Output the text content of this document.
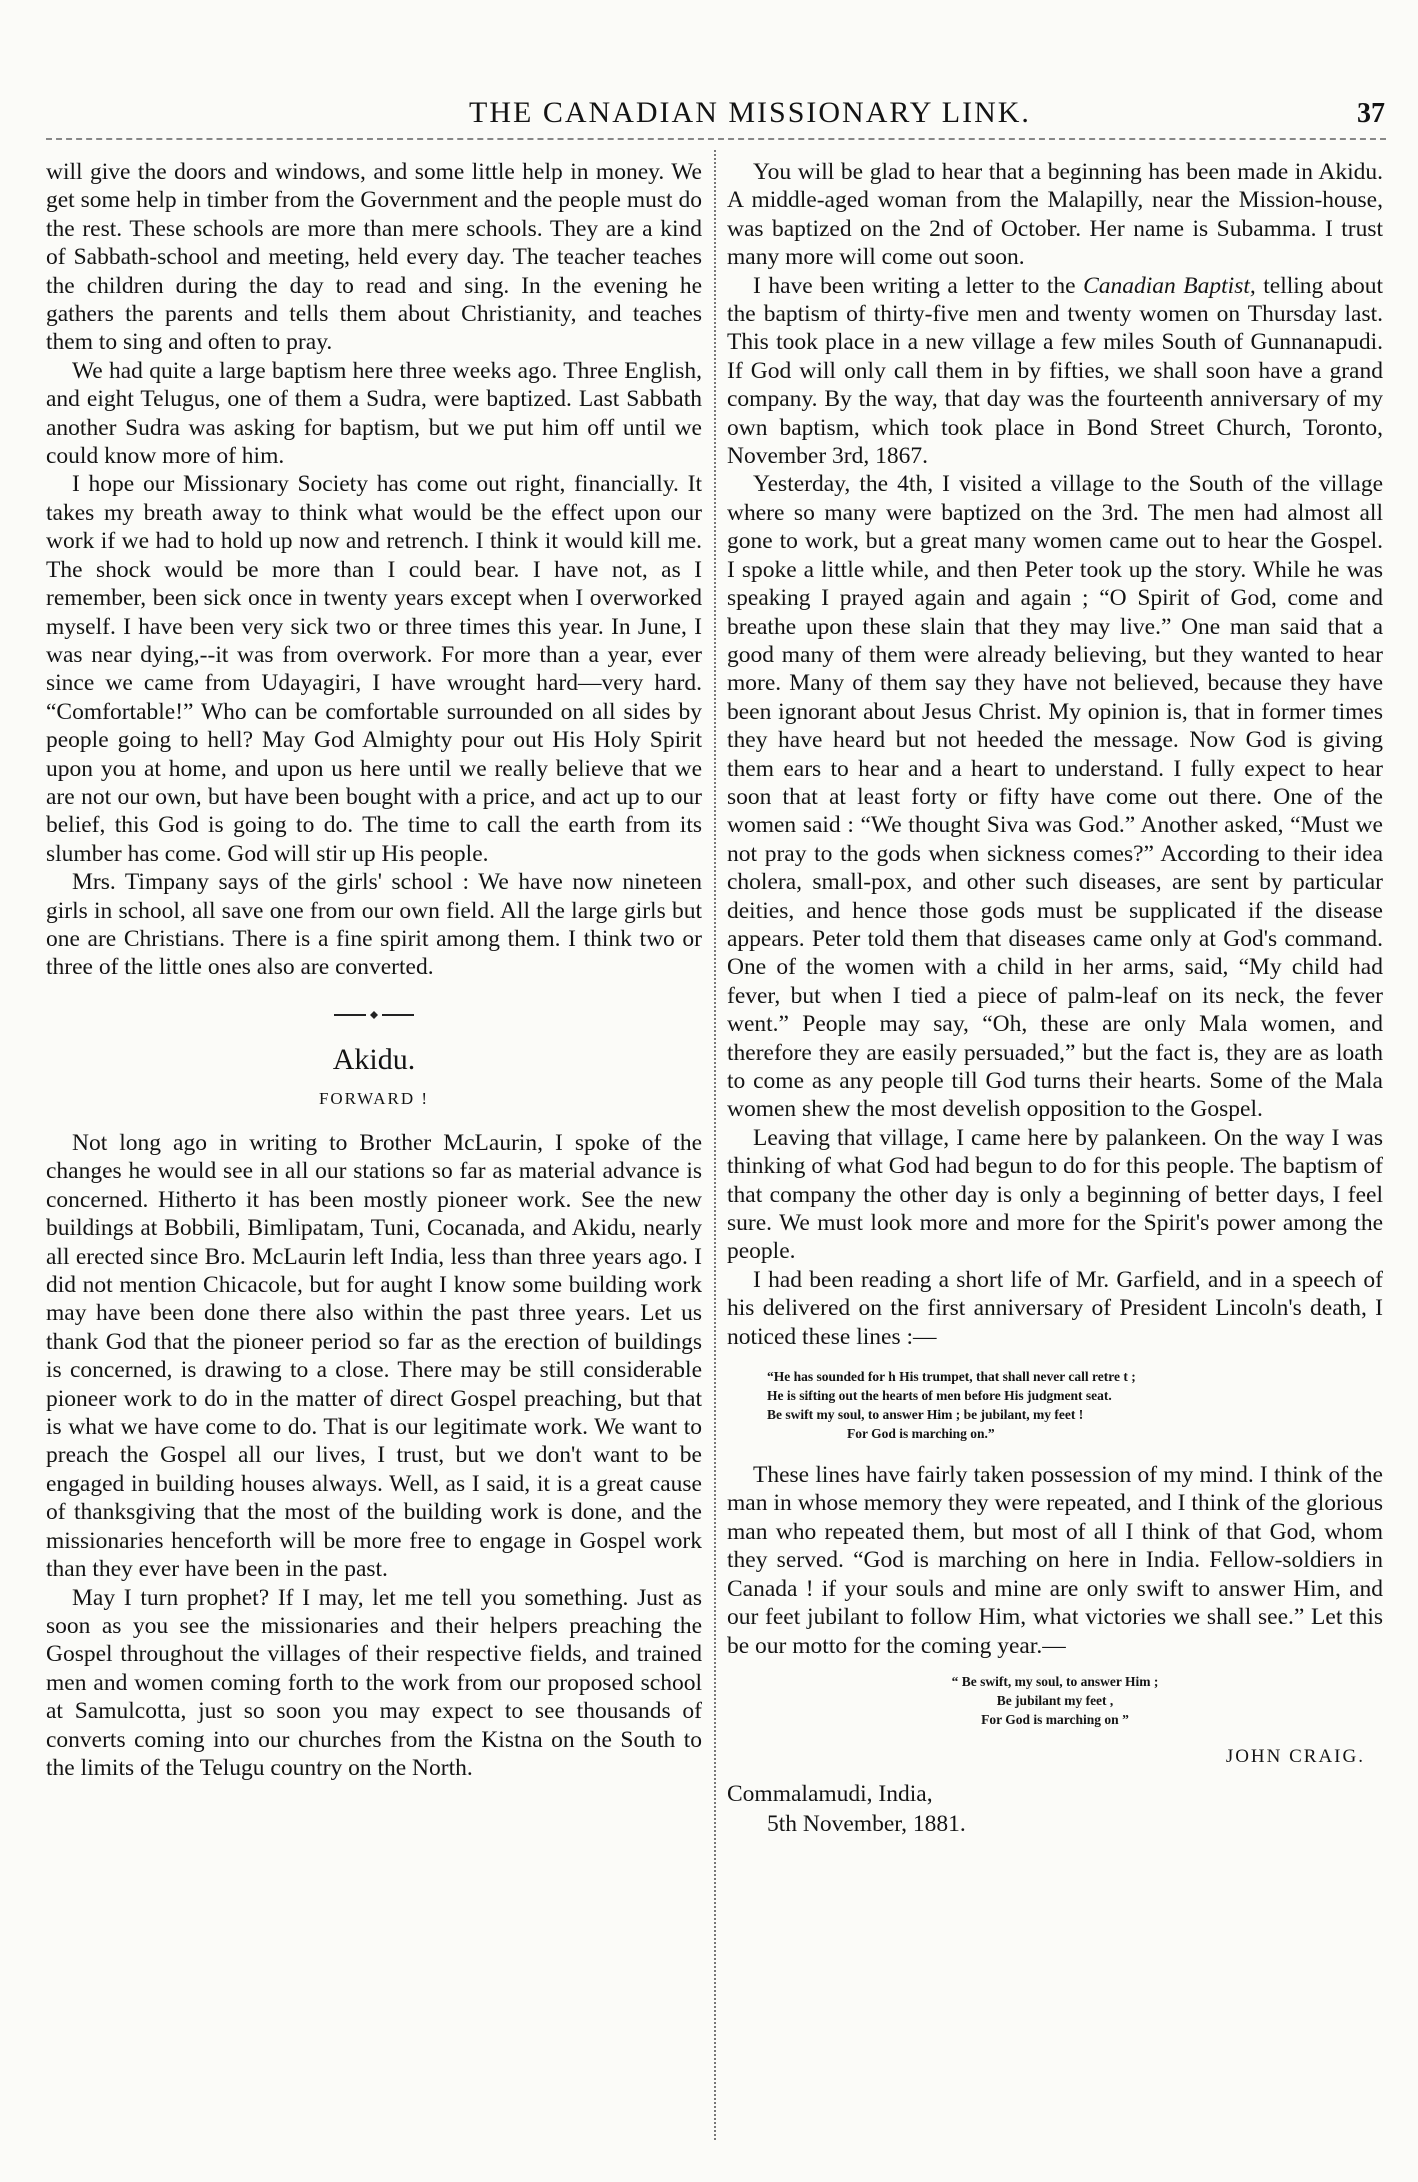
THE CANADIAN MISSIONARY LINK.	37

will give the doors and windows, and some little help in money. We get some help in timber from the Government and the people must do the rest. These schools are more than mere schools. They are a kind of Sabbath-school and meeting, held every day. The teacher teaches the children during the day to read and sing. In the evening he gathers the parents and tells them about Christianity, and teaches them to sing and often to pray.

We had quite a large baptism here three weeks ago. Three English, and eight Telugus, one of them a Sudra, were baptized. Last Sabbath another Sudra was asking for baptism, but we put him off until we could know more of him.

I hope our Missionary Society has come out right, financially. It takes my breath away to think what would be the effect upon our work if we had to hold up now and retrench. I think it would kill me. The shock would be more than I could bear. I have not, as I remember, been sick once in twenty years except when I overworked myself. I have been very sick two or three times this year. In June, I was near dying,--it was from overwork. For more than a year, ever since we came from Udayagiri, I have wrought hard—very hard. “Comfortable!” Who can be comfortable surrounded on all sides by people going to hell? May God Almighty pour out His Holy Spirit upon you at home, and upon us here until we really believe that we are not our own, but have been bought with a price, and act up to our belief, this God is going to do. The time to call the earth from its slumber has come. God will stir up His people.

Mrs. Timpany says of the girls' school : We have now nineteen girls in school, all save one from our own field. All the large girls but one are Christians. There is a fine spirit among them. I think two or three of the little ones also are converted.

Akidu.
FORWARD !

Not long ago in writing to Brother McLaurin, I spoke of the changes he would see in all our stations so far as material advance is concerned. Hitherto it has been mostly pioneer work. See the new buildings at Bobbili, Bimlipatam, Tuni, Cocanada, and Akidu, nearly all erected since Bro. McLaurin left India, less than three years ago. I did not mention Chicacole, but for aught I know some building work may have been done there also within the past three years. Let us thank God that the pioneer period so far as the erection of buildings is concerned, is drawing to a close. There may be still considerable pioneer work to do in the matter of direct Gospel preaching, but that is what we have come to do. That is our legitimate work. We want to preach the Gospel all our lives, I trust, but we don't want to be engaged in building houses always. Well, as I said, it is a great cause of thanksgiving that the most of the building work is done, and the missionaries henceforth will be more free to engage in Gospel work than they ever have been in the past.

May I turn prophet? If I may, let me tell you something. Just as soon as you see the missionaries and their helpers preaching the Gospel throughout the villages of their respective fields, and trained men and women coming forth to the work from our proposed school at Samulcotta, just so soon you may expect to see thousands of converts coming into our churches from the Kistna on the South to the limits of the Telugu country on the North.

You will be glad to hear that a beginning has been made in Akidu. A middle-aged woman from the Malapilly, near the Mission-house, was baptized on the 2nd of October. Her name is Subamma. I trust many more will come out soon.

I have been writing a letter to the Canadian Baptist, telling about the baptism of thirty-five men and twenty women on Thursday last. This took place in a new village a few miles South of Gunnanapudi. If God will only call them in by fifties, we shall soon have a grand company. By the way, that day was the fourteenth anniversary of my own baptism, which took place in Bond Street Church, Toronto, November 3rd, 1867.

Yesterday, the 4th, I visited a village to the South of the village where so many were baptized on the 3rd. The men had almost all gone to work, but a great many women came out to hear the Gospel. I spoke a little while, and then Peter took up the story. While he was speaking I prayed again and again ; “O Spirit of God, come and breathe upon these slain that they may live.” One man said that a good many of them were already believing, but they wanted to hear more. Many of them say they have not believed, because they have been ignorant about Jesus Christ. My opinion is, that in former times they have heard but not heeded the message. Now God is giving them ears to hear and a heart to understand. I fully expect to hear soon that at least forty or fifty have come out there. One of the women said : “We thought Siva was God.” Another asked, “Must we not pray to the gods when sickness comes?” According to their idea cholera, small-pox, and other such diseases, are sent by particular deities, and hence those gods must be supplicated if the disease appears. Peter told them that diseases came only at God's command. One of the women with a child in her arms, said, “My child had fever, but when I tied a piece of palm-leaf on its neck, the fever went.” People may say, “Oh, these are only Mala women, and therefore they are easily persuaded,” but the fact is, they are as loath to come as any people till God turns their hearts. Some of the Mala women shew the most develish opposition to the Gospel.

Leaving that village, I came here by palankeen. On the way I was thinking of what God had begun to do for this people. The baptism of that company the other day is only a beginning of better days, I feel sure. We must look more and more for the Spirit's power among the people.

I had been reading a short life of Mr. Garfield, and in a speech of his delivered on the first anniversary of President Lincoln's death, I noticed these lines :—

“He has sounded for h His trumpet, that shall never call retre t ;
He is sifting out the hearts of men before His judgment seat.
Be swift my soul, to answer Him ; be jubilant, my feet !
For God is marching on.”

These lines have fairly taken possession of my mind. I think of the man in whose memory they were repeated, and I think of the glorious man who repeated them, but most of all I think of that God, whom they served. “God is marching on here in India. Fellow-soldiers in Canada ! if your souls and mine are only swift to answer Him, and our feet jubilant to follow Him, what victories we shall see.” Let this be our motto for the coming year.—

“ Be swift, my soul, to answer Him ;
Be jubilant my feet ,
For God is marching on ”
JOHN CRAIG.
Commalamudi, India,
5th November, 1881.
